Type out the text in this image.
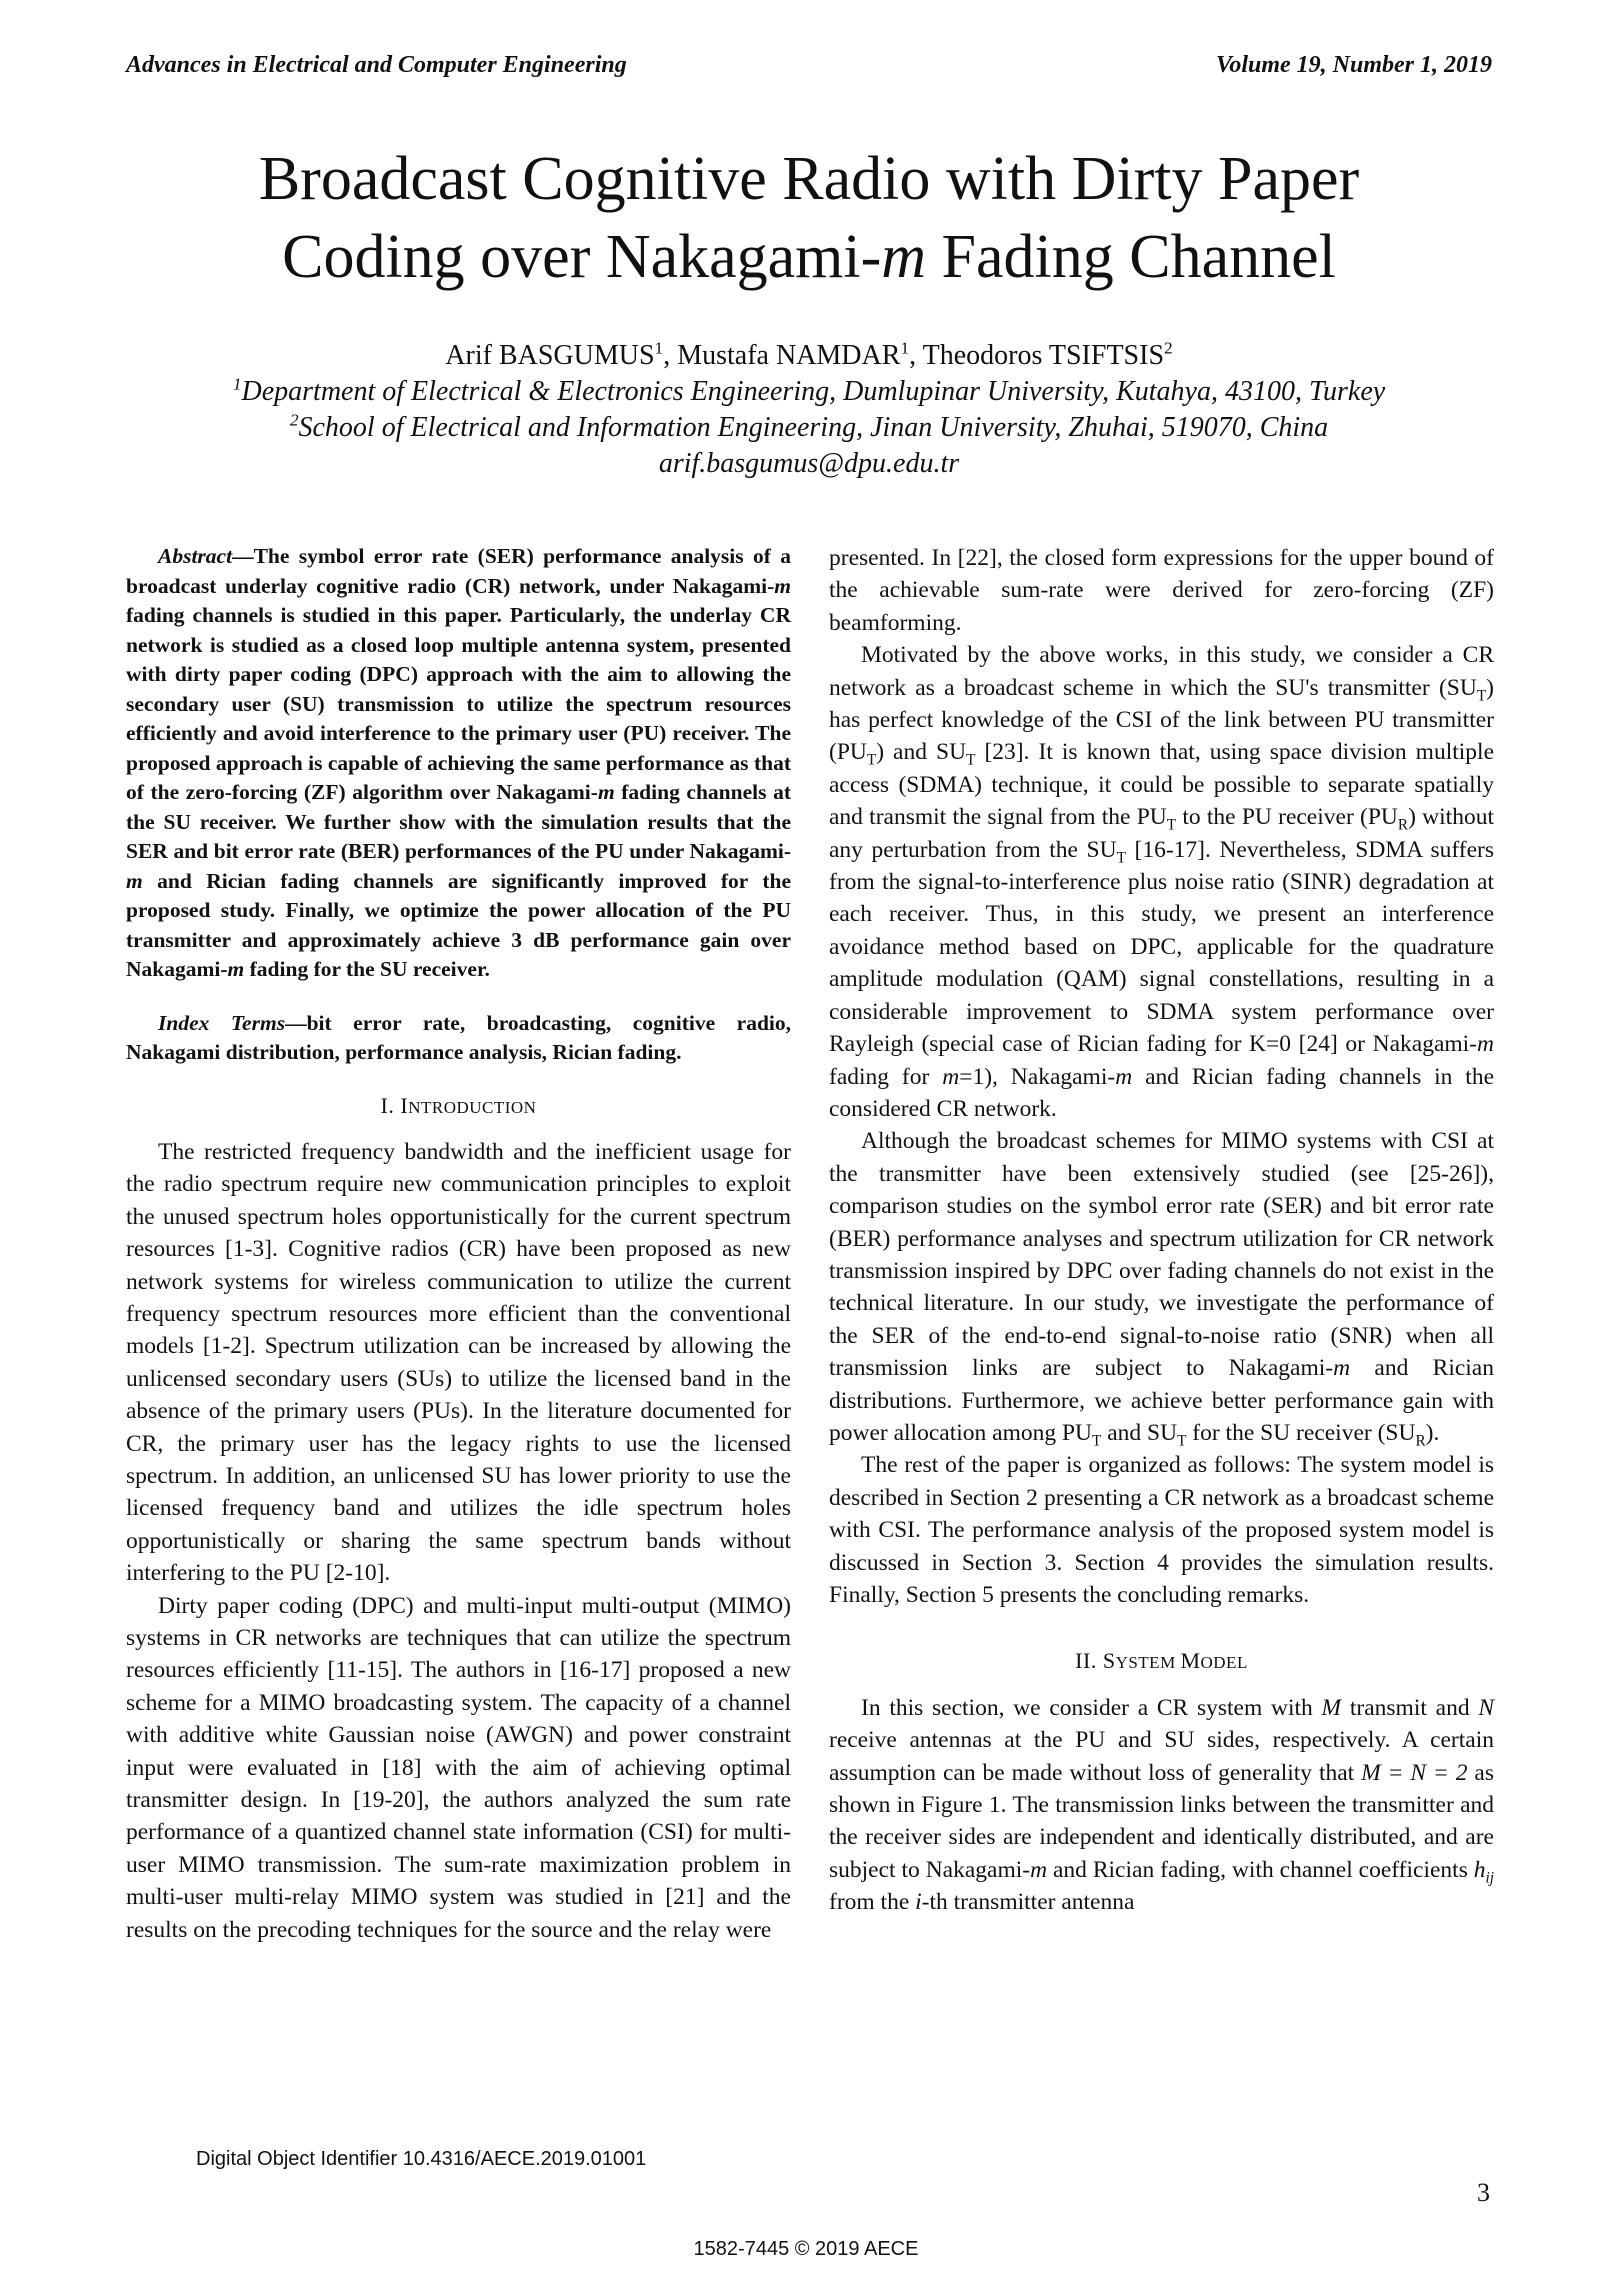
Advances in Electrical and Computer Engineering	Volume 19, Number 1, 2019
Broadcast Cognitive Radio with Dirty Paper
Coding over Nakagami-m Fading Channel
Arif BASGUMUS$^1$, Mustafa NAMDAR$^1$, Theodoros TSIFTSIS$^2$
$^1$Department of Electrical & Electronics Engineering, Dumlupinar University, Kutahya, 43100, Turkey
$^2$School of Electrical and Information Engineering, Jinan University, Zhuhai, 519070, China
arif.basgumus@dpu.edu.tr

Abstract—The symbol error rate (SER) performance analysis of a broadcast underlay cognitive radio (CR) network, under Nakagami-m fading channels is studied in this paper. Particularly, the underlay CR network is studied as a closed loop multiple antenna system, presented with dirty paper coding (DPC) approach with the aim to allowing the secondary user (SU) transmission to utilize the spectrum resources efficiently and avoid interference to the primary user (PU) receiver. The proposed approach is capable of achieving the same performance as that of the zero-forcing (ZF) algorithm over Nakagami-m fading channels at the SU receiver. We further show with the simulation results that the SER and bit error rate (BER) performances of the PU under Nakagami-m and Rician fading channels are significantly improved for the proposed study. Finally, we optimize the power allocation of the PU transmitter and approximately achieve 3 dB performance gain over Nakagami-m fading for the SU receiver.

Index Terms—bit error rate, broadcasting, cognitive radio, Nakagami distribution, performance analysis, Rician fading.

I. INTRODUCTION

The restricted frequency bandwidth and the inefficient usage for the radio spectrum require new communication principles to exploit the unused spectrum holes opportunistically for the current spectrum resources [1-3]. Cognitive radios (CR) have been proposed as new network systems for wireless communication to utilize the current frequency spectrum resources more efficient than the conventional models [1-2]. Spectrum utilization can be increased by allowing the unlicensed secondary users (SUs) to utilize the licensed band in the absence of the primary users (PUs). In the literature documented for CR, the primary user has the legacy rights to use the licensed spectrum. In addition, an unlicensed SU has lower priority to use the licensed frequency band and utilizes the idle spectrum holes opportunistically or sharing the same spectrum bands without interfering to the PU [2-10].

Dirty paper coding (DPC) and multi-input multi-output (MIMO) systems in CR networks are techniques that can utilize the spectrum resources efficiently [11-15]. The authors in [16-17] proposed a new scheme for a MIMO broadcasting system. The capacity of a channel with additive white Gaussian noise (AWGN) and power constraint input were evaluated in [18] with the aim of achieving optimal transmitter design. In [19-20], the authors analyzed the sum rate performance of a quantized channel state information (CSI) for multi-user MIMO transmission. The sum-rate maximization problem in multi-user multi-relay MIMO system was studied in [21] and the results on the precoding techniques for the source and the relay were

presented. In [22], the closed form expressions for the upper bound of the achievable sum-rate were derived for zero-forcing (ZF) beamforming.

Motivated by the above works, in this study, we consider a CR network as a broadcast scheme in which the SU's transmitter $(SU_T)$ has perfect knowledge of the CSI of the link between PU transmitter $(PU_T)$ and $SU_T$ [23]. It is known that, using space division multiple access (SDMA) technique, it could be possible to separate spatially and transmit the signal from the $PU_T$ to the PU receiver $(PU_R)$ without any perturbation from the $SU_T$ [16-17]. Nevertheless, SDMA suffers from the signal-to-interference plus noise ratio (SINR) degradation at each receiver. Thus, in this study, we present an interference avoidance method based on DPC, applicable for the quadrature amplitude modulation (QAM) signal constellations, resulting in a considerable improvement to SDMA system performance over Rayleigh (special case of Rician fading for K=0 [24] or Nakagami-m fading for m=1), Nakagami-m and Rician fading channels in the considered CR network.

Although the broadcast schemes for MIMO systems with CSI at the transmitter have been extensively studied (see [25-26]), comparison studies on the symbol error rate (SER) and bit error rate (BER) performance analyses and spectrum utilization for CR network transmission inspired by DPC over fading channels do not exist in the technical literature. In our study, we investigate the performance of the SER of the end-to-end signal-to-noise ratio (SNR) when all transmission links are subject to Nakagami-m and Rician distributions. Furthermore, we achieve better performance gain with power allocation among $PU_T$ and $SU_T$ for the SU receiver $(SU_R)$.

The rest of the paper is organized as follows: The system model is described in Section 2 presenting a CR network as a broadcast scheme with CSI. The performance analysis of the proposed system model is discussed in Section 3. Section 4 provides the simulation results. Finally, Section 5 presents the concluding remarks.

II. SYSTEM MODEL

In this section, we consider a CR system with M transmit and N receive antennas at the PU and SU sides, respectively. A certain assumption can be made without loss of generality that M = N = 2 as shown in Figure 1. The transmission links between the transmitter and the receiver sides are independent and identically distributed, and are subject to Nakagami-m and Rician fading, with channel coefficients $h_{ij}$ from the i-th transmitter antenna

Digital Object Identifier 10.4316/AECE.2019.01001
3
1582-7445 © 2019 AECE
